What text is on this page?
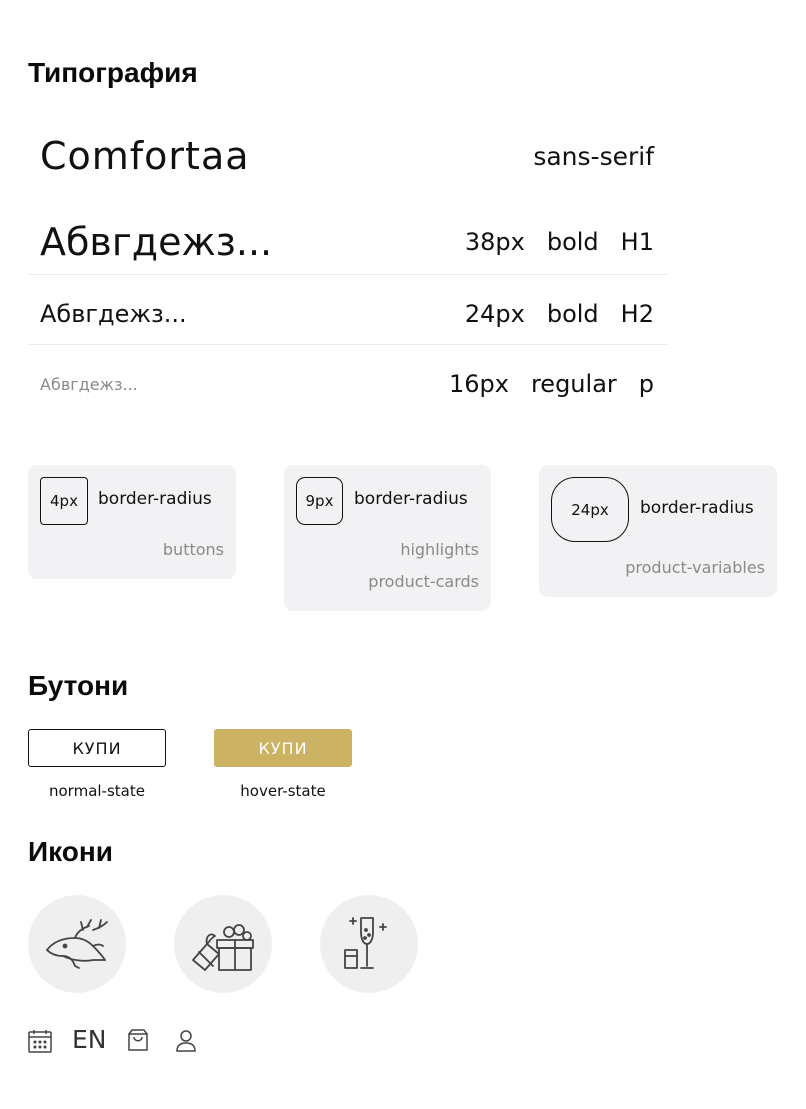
Типография
Comfortaa	sans-serif
Абвгдежз...	38px bold H1
Абвгдежз...	24px bold H2
Абвгдежз...	16px regular p
4px	border-radius
buttons
9px	border-radius
highlights
product-cards
24px	border-radius
product-variables
Бутони
КУПИ
normal-state
КУПИ
hover-state
Икони
EN
